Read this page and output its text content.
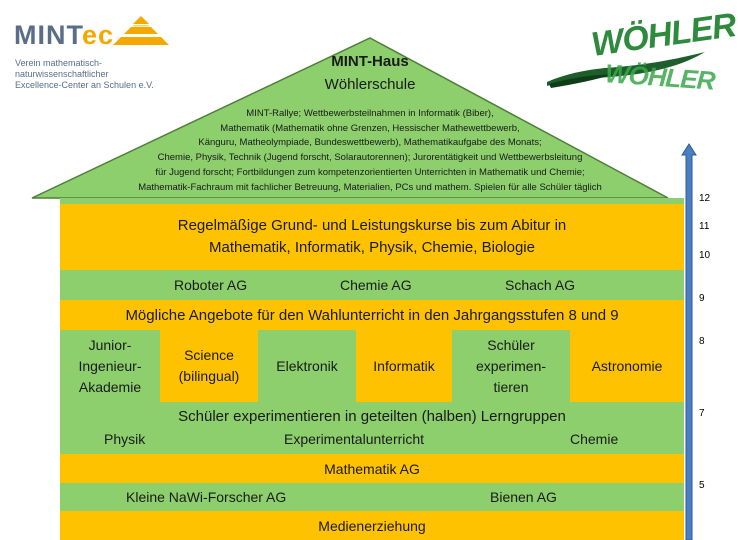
MINTec
Verein mathematisch-
naturwissenschaftlicher
Excellence-Center an Schulen e.V.
WÖHLER
WÖHLER
MINT-Haus
Wöhlerschule
MINT-Rallye; Wettbewerbsteilnahmen in Informatik (Biber),
Mathematik (Mathematik ohne Grenzen, Hessischer Mathewettbewerb,
Känguru, Matheolympiade, Bundeswettbewerb), Mathematikaufgabe des Monats;
Chemie, Physik, Technik (Jugend forscht, Solarautorennen); Jurorentätigkeit und Wettbewerbsleitung
für Jugend forscht; Fortbildungen zum kompetenzorientierten Unterrichten in Mathematik und Chemie;
Mathematik-Fachraum mit fachlicher Betreuung, Materialien, PCs und mathem. Spielen für alle Schüler täglich
Regelmäßige Grund- und Leistungskurse bis zum Abitur in
Mathematik, Informatik, Physik, Chemie, Biologie
Roboter AG	Chemie AG	Schach AG
Mögliche Angebote für den Wahlunterricht in den Jahrgangsstufen 8 und 9
Junior-
Ingenieur-
Akademie
Science
(bilingual)
Elektronik	Informatik
Schüler
experimen-
tieren
Astronomie
Schüler experimentieren in geteilten (halben) Lerngruppen
Physik	Experimentalunterricht	Chemie
Mathematik AG
Kleine NaWi-Forscher AG	Bienen AG
Medienerziehung
12
11
10
9
8
7
5
